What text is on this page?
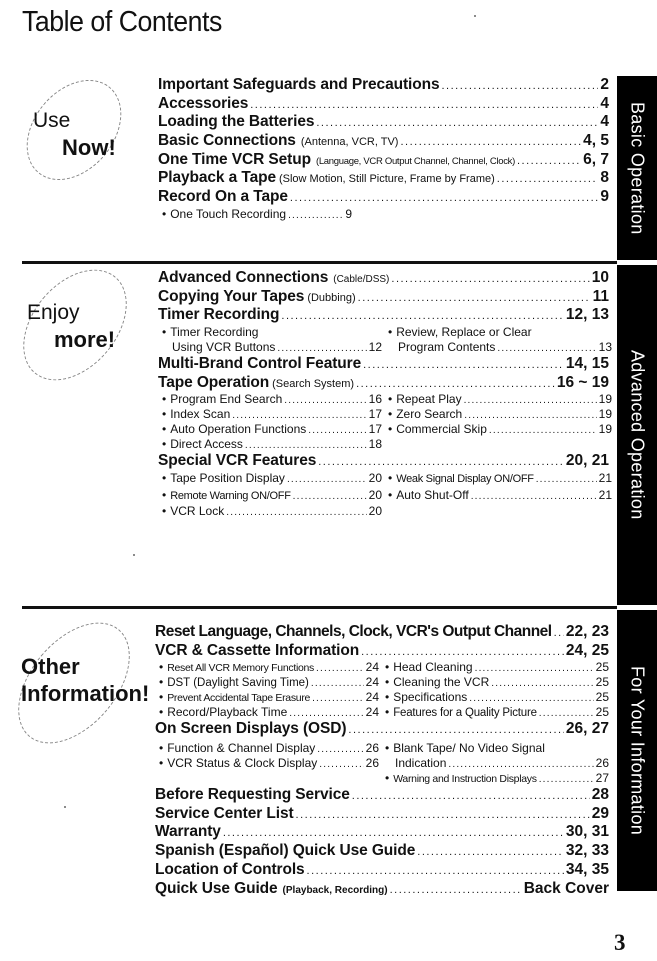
Table of Contents
Use
Now!
Important Safeguards and Precautions .....	2
Accessories .....	4
Loading the Batteries .....	4
Basic Connections (Antenna, VCR, TV) .....	4, 5
One Time VCR Setup (Language, VCR Output Channel, Channel, Clock) .....	6, 7
Playback a Tape (Slow Motion, Still Picture, Frame by Frame) .....	8
Record On a Tape .....	9
• One Touch Recording .....	9	Basic Operation
Enjoy
more!
Advanced Connections (Cable/DSS) .....	10
Copying Your Tapes (Dubbing) .....	11
Timer Recording .....	12, 13
• Timer Recording
Using VCR Buttons .....	12
• Review, Replace or Clear
Program Contents .....	13
Multi-Brand Control Feature .....	14, 15
Tape Operation (Search System) .....	16 ~ 19
• Program End Search .....	16 • Repeat Play .....	19
• Index Scan .....	17 • Zero Search .....	19
• Auto Operation Functions .....	17 • Commercial Skip .....	19
• Direct Access .....	18
Special VCR Features .....	20, 21
• Tape Position Display .....	20 • Weak Signal Display ON/OFF .....	21
• Remote Warning ON/OFF .....	20 • Auto Shut-Off .....	21
• VCR Lock .....	20	Advanced Operation
Other
Information!
Reset Language, Channels, Clock, VCR's Output Channel ..... 22, 23
VCR & Cassette Information .....	24, 25
• Reset All VCR Memory Functions .....	24 • Head Cleaning .....	25
• DST (Daylight Saving Time) .....	24 • Cleaning the VCR .....	25
• Prevent Accidental Tape Erasure .....	24 • Specifications .....	25
• Record/Playback Time .....	24 • Features for a Quality Picture .....	25
On Screen Displays (OSD) .....	26, 27
• Function & Channel Display .....	26
• VCR Status & Clock Display .....	26
• Blank Tape/ No Video Signal
Indication .....	26
• Warning and Instruction Displays .....	27
Before Requesting Service .....	28
Service Center List .....	29
Warranty .....	30, 31
Spanish (Español) Quick Use Guide .....	32, 33
Location of Controls .....	34, 35
Quick Use Guide (Playback, Recording) .....	Back Cover
For Your Information
3
